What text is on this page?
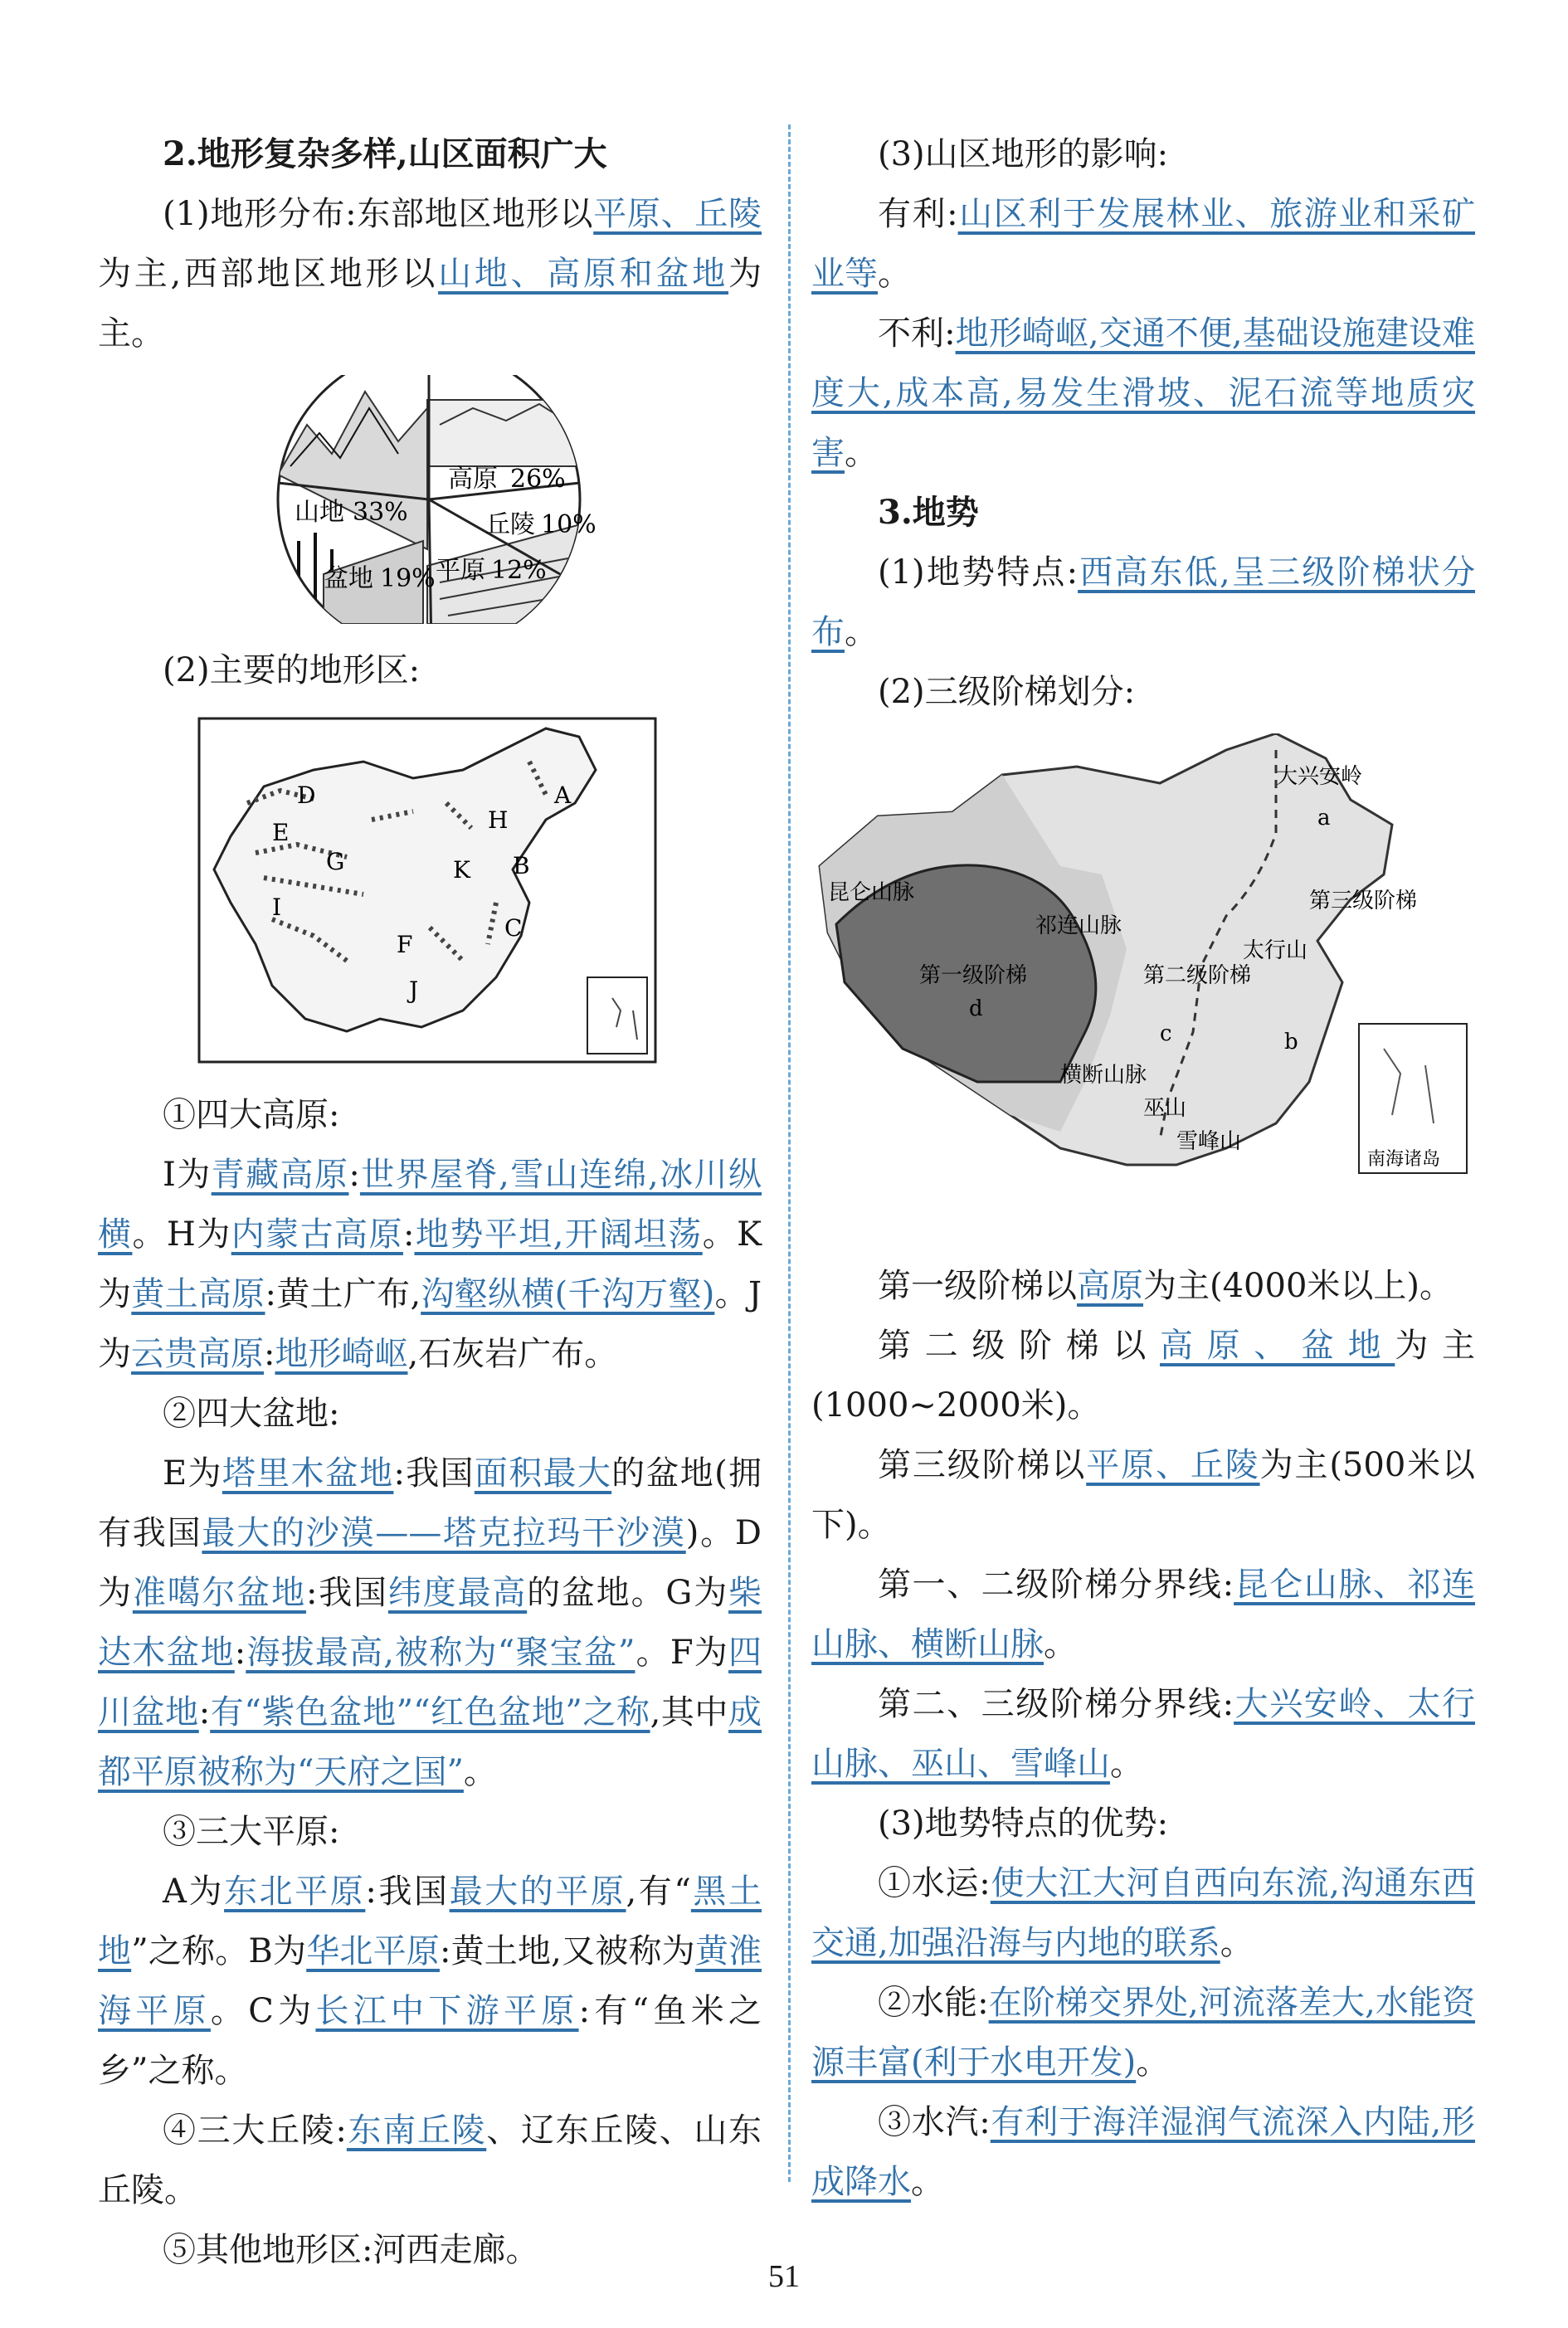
2.地形复杂多样,山区面积广大

(1)地形分布:东部地区地形以平原、丘陵为主,西部地区地形以山地、高原和盆地为主。

高原 26%
山地 33%	丘陵 10%
盆地 19% 平原 12%

(2)主要的地形区:

A
B
C
D
E
F
G
H
I
J
K

①四大高原:

I为青藏高原:世界屋脊,雪山连绵,冰川纵横。H为内蒙古高原:地势平坦,开阔坦荡。K为黄土高原:黄土广布,沟壑纵横(千沟万壑)。J为云贵高原:地形崎岖,石灰岩广布。

②四大盆地:

E为塔里木盆地:我国面积最大的盆地(拥有我国最大的沙漠——塔克拉玛干沙漠)。D为准噶尔盆地:我国纬度最高的盆地。G为柴达木盆地:海拔最高,被称为“聚宝盆”。F为四川盆地:有“紫色盆地”“红色盆地”之称,其中成都平原被称为“天府之国”。

③三大平原:

A为东北平原:我国最大的平原,有“黑土地”之称。B为华北平原:黄土地,又被称为黄淮海平原。C为长江中下游平原:有“鱼米之乡”之称。

④三大丘陵:东南丘陵、辽东丘陵、山东丘陵。

⑤其他地形区:河西走廊。

(3)山区地形的影响:

有利:山区利于发展林业、旅游业和采矿业等。

不利:地形崎岖,交通不便,基础设施建设难度大,成本高,易发生滑坡、泥石流等地质灾害。

3.地势

(1)地势特点:西高东低,呈三级阶梯状分布。

(2)三级阶梯划分:

第一级阶梯
d
c	b
a
昆仑山脉
祁连山脉
横断山脉
大兴安岭
太行山
巫山
雪峰山
第二级阶梯
第三级阶梯
南海诸岛

第一级阶梯以高原为主(4000米以上)。

第二级阶梯以高原、盆地为主(1000~2000米)。

第三级阶梯以平原、丘陵为主(500米以下)。

第一、二级阶梯分界线:昆仑山脉、祁连山脉、横断山脉。

第二、三级阶梯分界线:大兴安岭、太行山脉、巫山、雪峰山。

(3)地势特点的优势:

①水运:使大江大河自西向东流,沟通东西交通,加强沿海与内地的联系。

②水能:在阶梯交界处,河流落差大,水能资源丰富(利于水电开发)。

③水汽:有利于海洋湿润气流深入内陆,形成降水。

51
